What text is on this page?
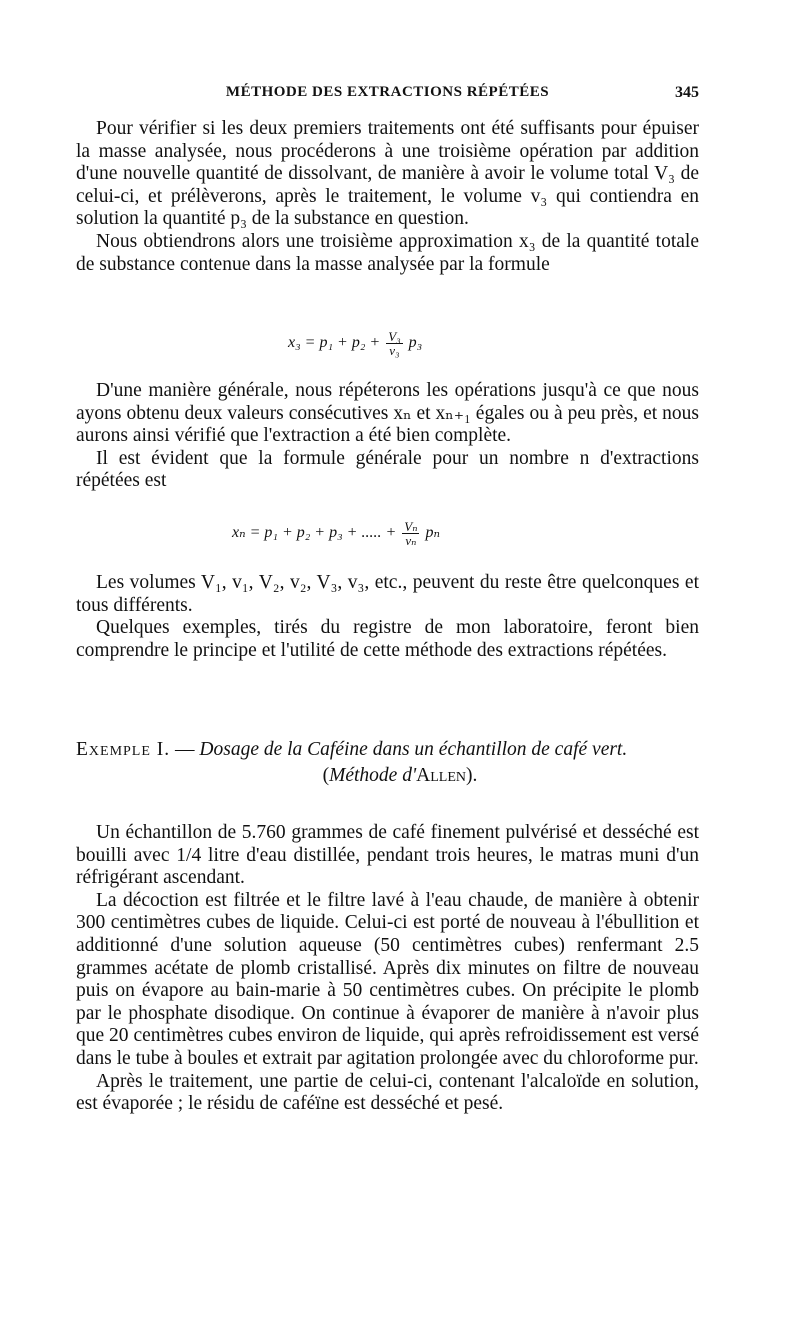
MÉTHODE DES EXTRACTIONS RÉPÉTÉES	345

Pour vérifier si les deux premiers traitements ont été suffisants pour épuiser la masse analysée, nous procéderons à une troisième opération par addition d'une nouvelle quantité de dissolvant, de manière à avoir le volume total V₃ de celui-ci, et prélèverons, après le traitement, le volume v₃ qui contiendra en solution la quantité p₃ de la substance en question.

Nous obtiendrons alors une troisième approximation x₃ de la quantité totale de substance contenue dans la masse analysée par la formule

$x_3 = p_1 + p_2 + \frac{\text{V₃}}{\text{v₃}} p_3$

D'une manière générale, nous répéterons les opérations jusqu'à ce que nous ayons obtenu deux valeurs consécutives xₙ et xₙ₊₁ égales ou à peu près, et nous aurons ainsi vérifié que l'extraction a été bien complète.

Il est évident que la formule générale pour un nombre n d'extractions répétées est

xₙ = p₁ + p₂ + p₃ + ..... + $\frac{\text{Vₙ}}{\text{vₙ}}$ pₙ

Les volumes V₁, v₁, V₂, v₂, V₃, v₃, etc., peuvent du reste être quelconques et tous différents.

Quelques exemples, tirés du registre de mon laboratoire, feront bien comprendre le principe et l'utilité de cette méthode des extractions répétées.

Exemple I. — Dosage de la Caféine dans un échantillon de café vert.
(Méthode d'Allen).

Un échantillon de 5.760 grammes de café finement pulvérisé et desséché est bouilli avec 1/4 litre d'eau distillée, pendant trois heures, le matras muni d'un réfrigérant ascendant.

La décoction est filtrée et le filtre lavé à l'eau chaude, de manière à obtenir 300 centimètres cubes de liquide. Celui-ci est porté de nouveau à l'ébullition et additionné d'une solution aqueuse (50 centimètres cubes) renfermant 2.5 grammes acétate de plomb cristallisé. Après dix minutes on filtre de nouveau puis on évapore au bain-marie à 50 centimètres cubes. On précipite le plomb par le phosphate disodique. On continue à évaporer de manière à n'avoir plus que 20 centimètres cubes environ de liquide, qui après refroidissement est versé dans le tube à boules et extrait par agitation prolongée avec du chloroforme pur.

Après le traitement, une partie de celui-ci, contenant l'alcaloïde en solution, est évaporée ; le résidu de caféïne est desséché et pesé.
